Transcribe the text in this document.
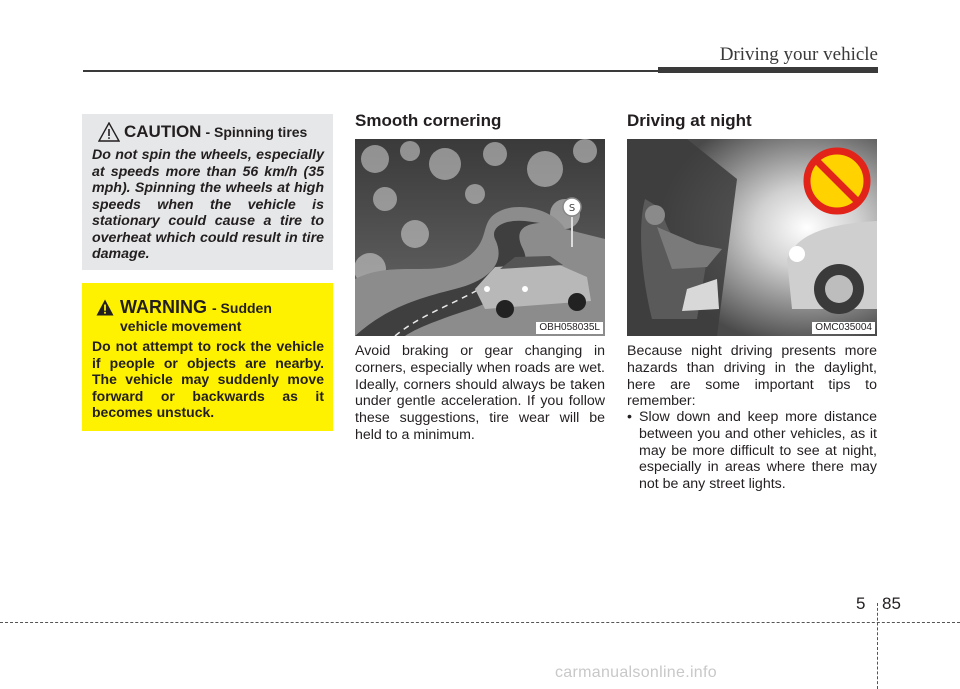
Driving your vehicle
CAUTION - Spinning tires
Do not spin the wheels, especially at speeds more than 56 km/h (35 mph). Spinning the wheels at high speeds when the vehicle is stationary could cause a tire to overheat which could result in tire damage.
WARNING - Sudden
vehicle movement
Do not attempt to rock the vehicle if people or objects are nearby. The vehicle may suddenly move forward or backwards as it becomes unstuck.
Smooth cornering
S
OBH058035L
Avoid braking or gear changing in corners, especially when roads are wet. Ideally, corners should always be taken under gentle acceleration. If you follow these suggestions, tire wear will be held to a minimum.
Driving at night
OMC035004
Because night driving presents more hazards than driving in the daylight, here are some important tips to remember:
• Slow down and keep more distance between you and other vehicles, as it may be more difficult to see at night, especially in areas where there may not be any street lights.
5 85
carmanualsonline.info
